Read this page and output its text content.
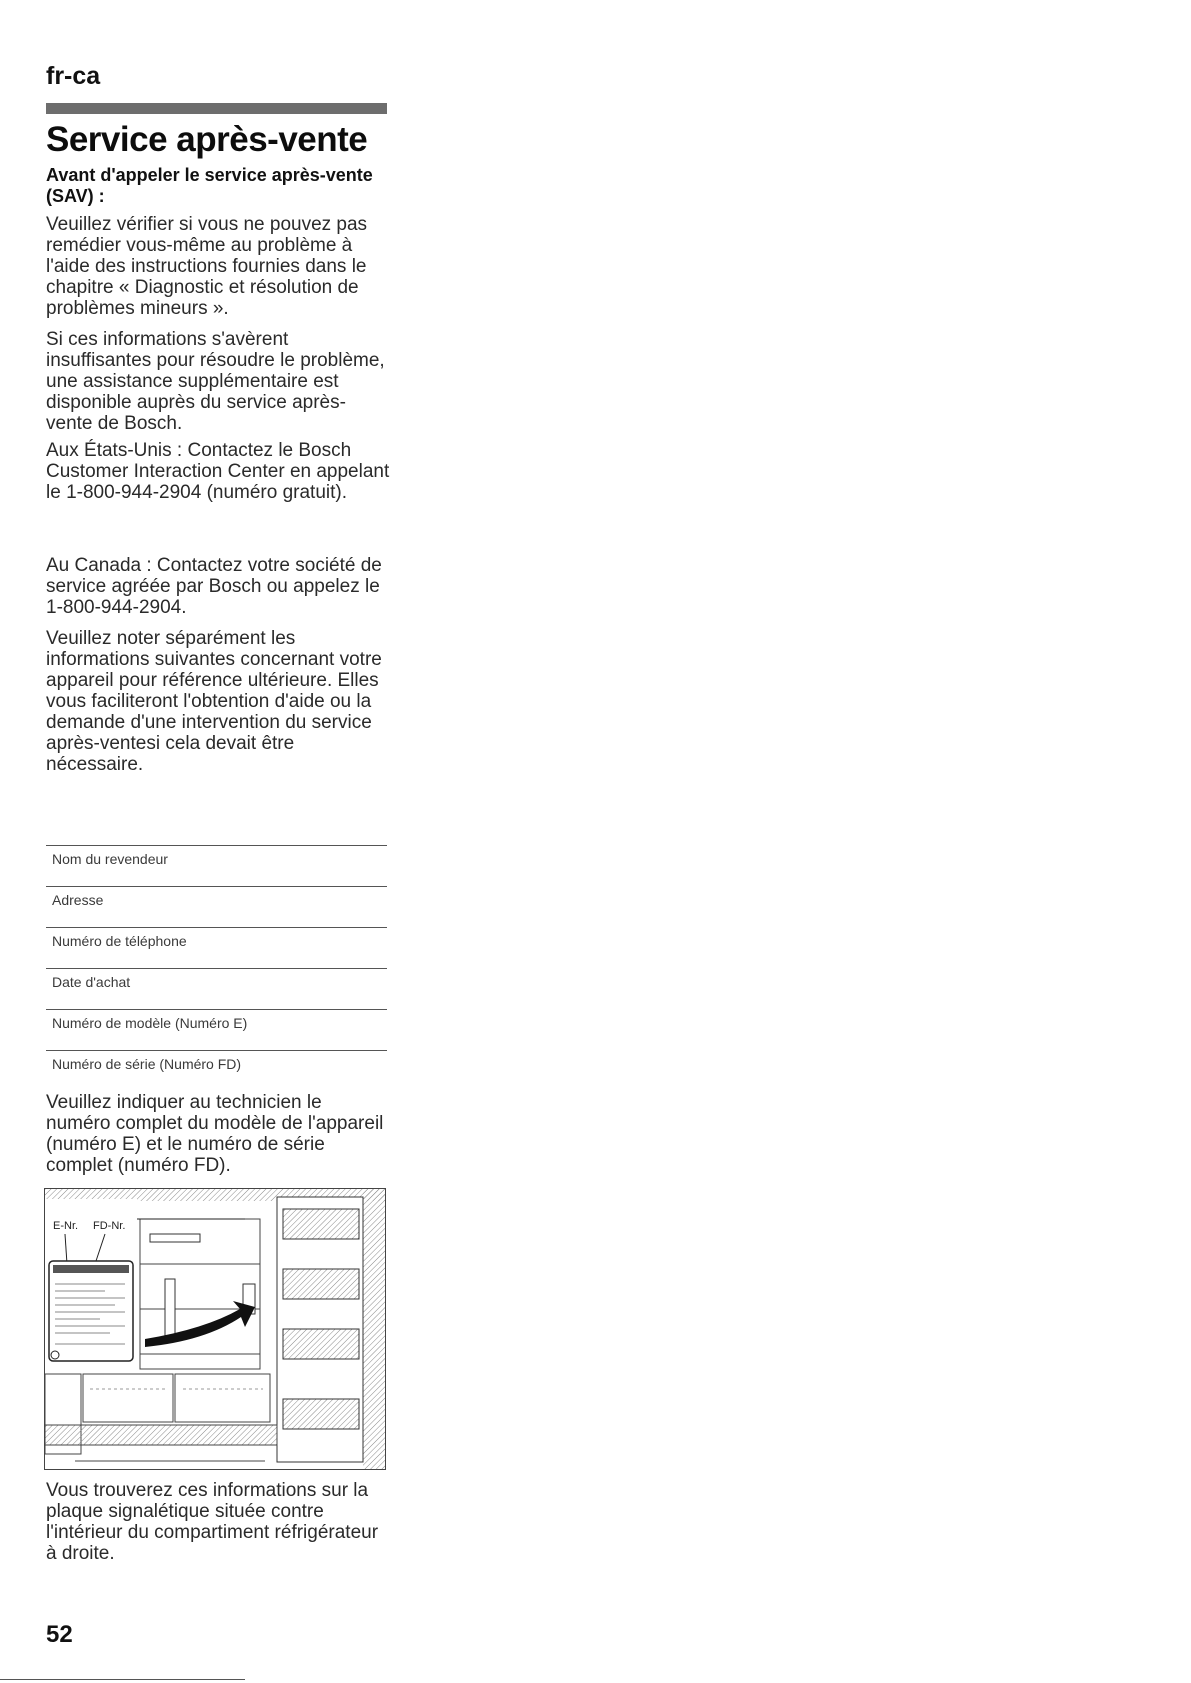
fr-ca
Service après-vente
Avant d'appeler le service après-vente (SAV) :

Veuillez vérifier si vous ne pouvez pas remédier vous-même au problème à l'aide des instructions fournies dans le chapitre « Diagnostic et résolution de problèmes mineurs ».

Si ces informations s'avèrent insuffisantes pour résoudre le problème, une assistance supplémentaire est disponible auprès du service après-vente de Bosch.

Aux États-Unis : Contactez le Bosch Customer Interaction Center en appelant le 1-800-944-2904 (numéro gratuit).

Au Canada : Contactez votre société de service agréée par Bosch ou appelez le 1-800-944-2904.

Veuillez noter séparément les informations suivantes concernant votre appareil pour référence ultérieure. Elles vous faciliteront l'obtention d'aide ou la demande d'une intervention du service après-ventesi cela devait être nécessaire.

Nom du revendeur
Adresse
Numéro de téléphone
Date d'achat
Numéro de modèle (Numéro E)
Numéro de série (Numéro FD)

Veuillez indiquer au technicien le numéro complet du modèle de l'appareil (numéro E) et le numéro de série complet (numéro FD).

E-Nr. FD-Nr.

Vous trouverez ces informations sur la plaque signalétique située contre l'intérieur du compartiment réfrigérateur à droite.

52
